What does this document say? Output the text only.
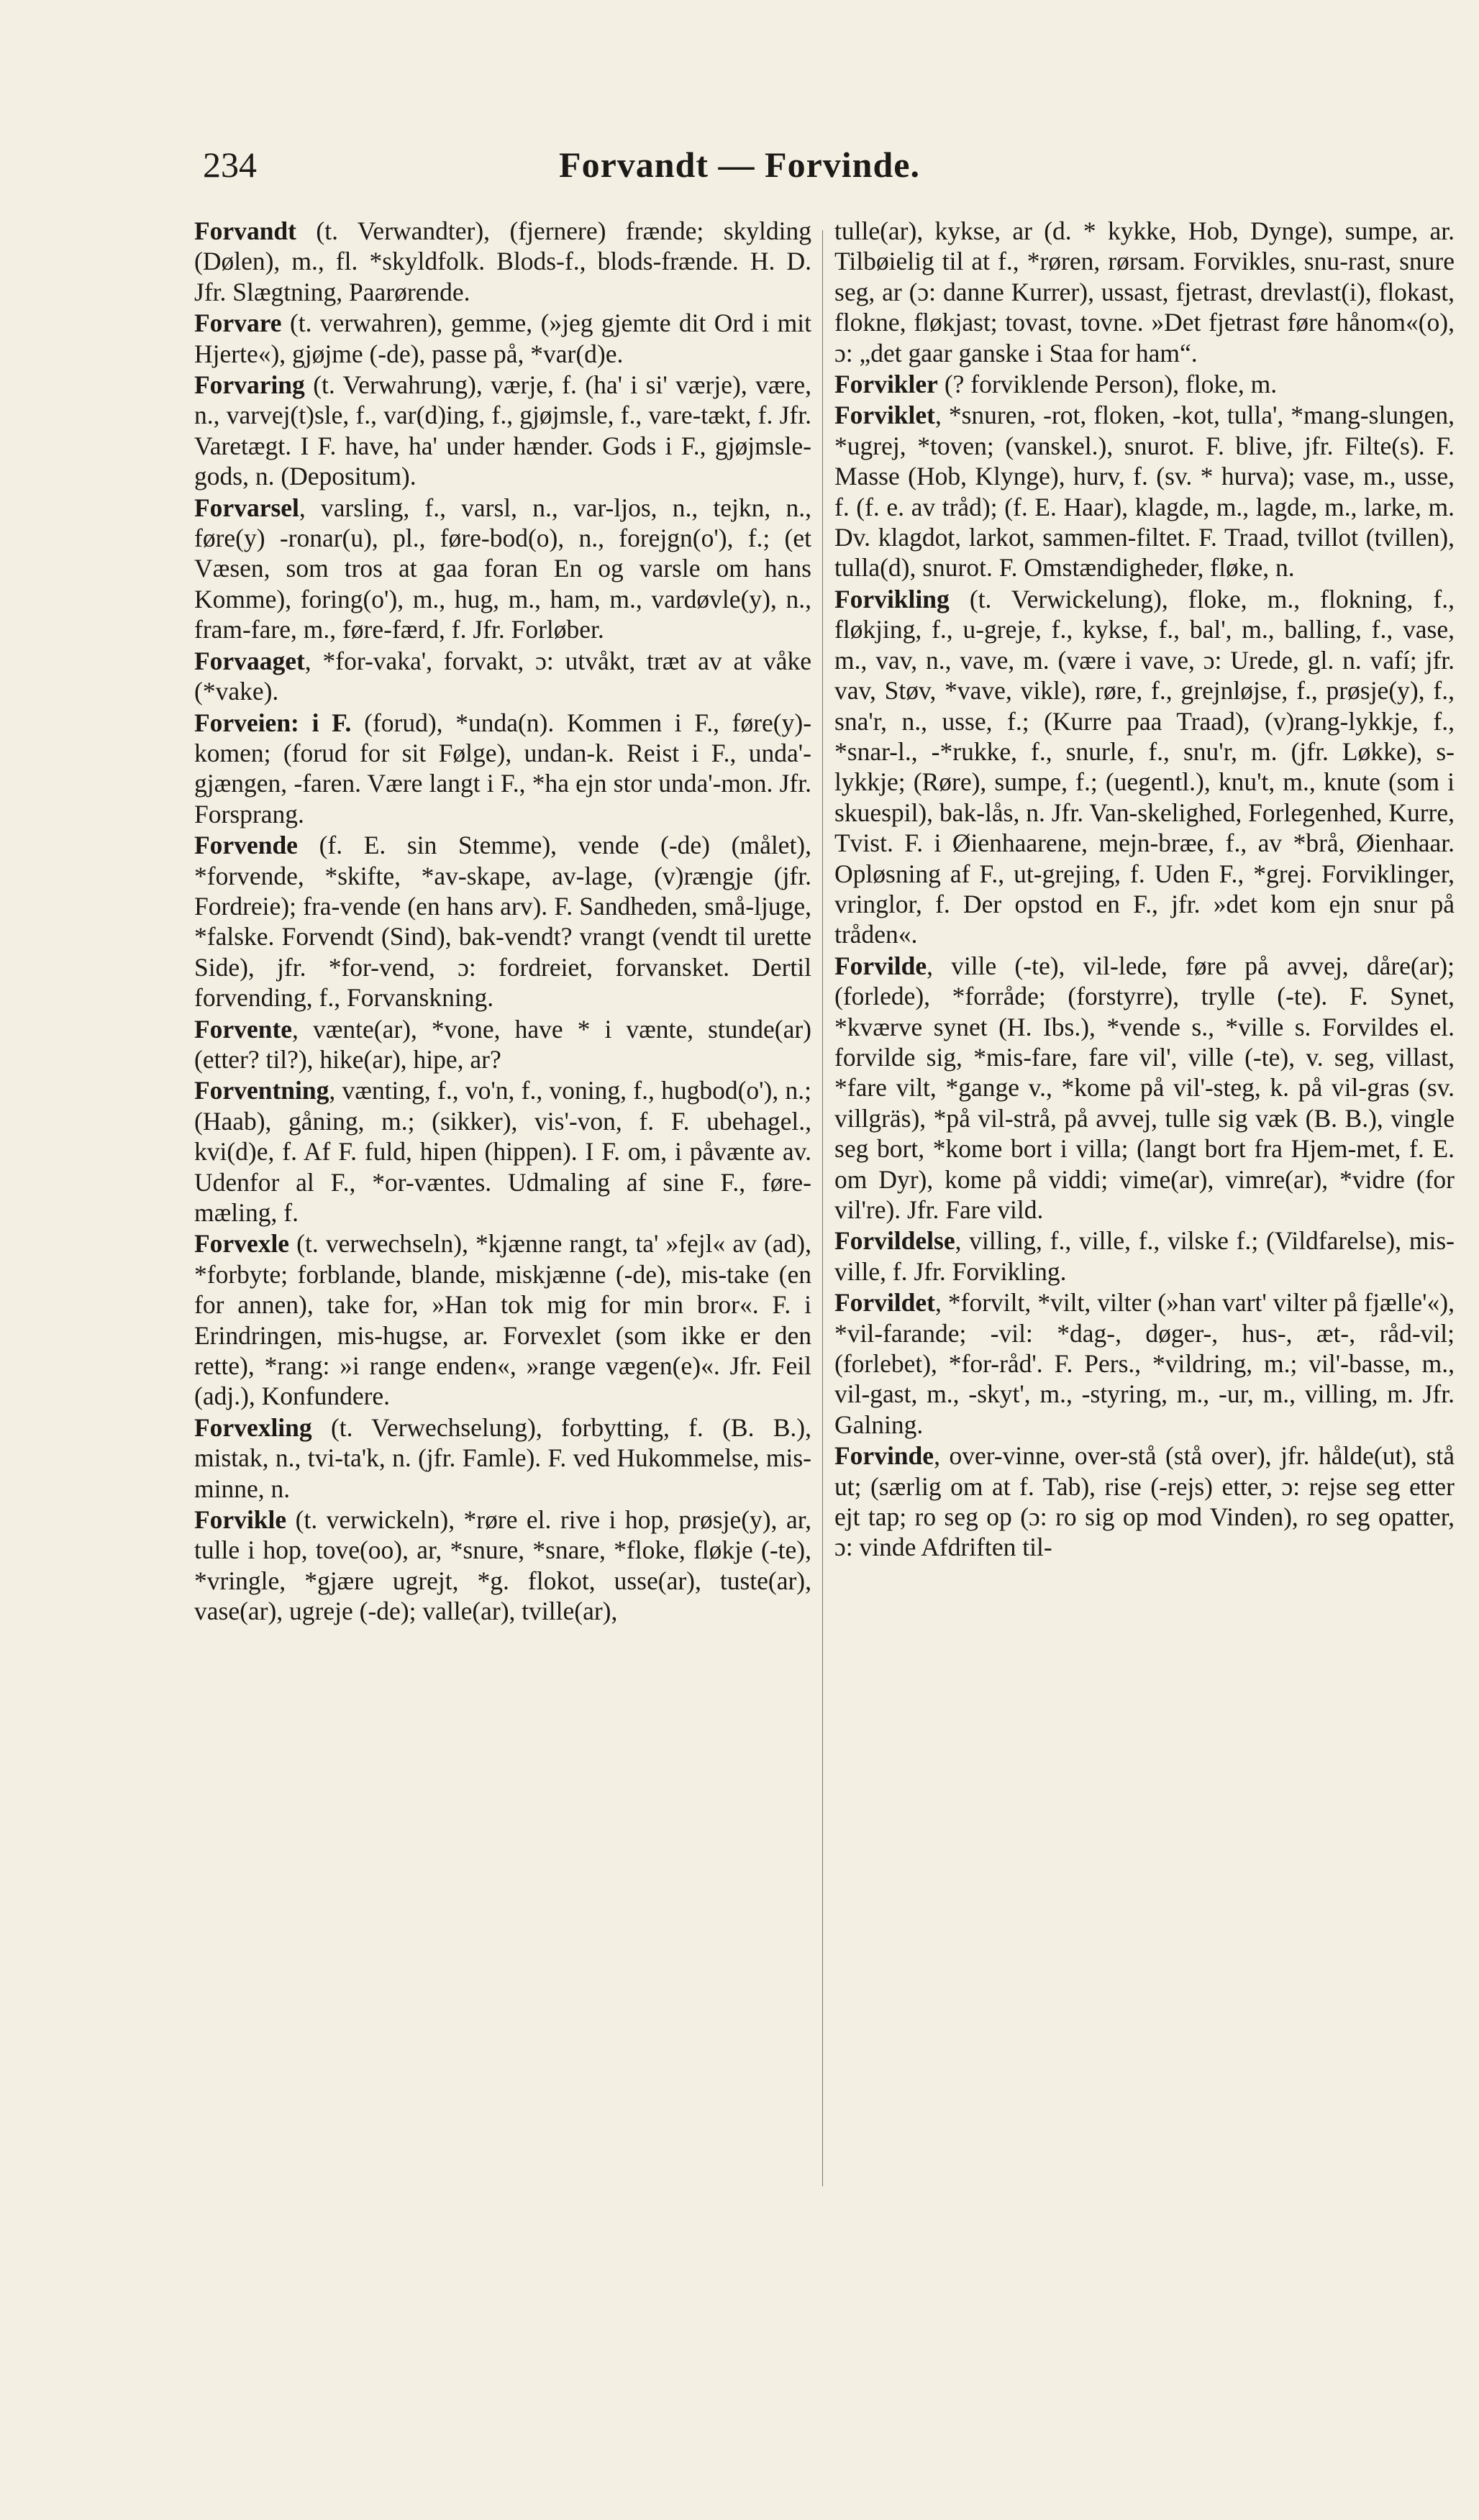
234	Forvandt — Forvinde.
Forvandt (t. Verwandter), (fjernere) frænde; skylding (Dølen), m., fl. *skyldfolk. Blods-f., blods-frænde. H. D. Jfr. Slægtning, Paarørende.
Forvare (t. verwahren), gemme, (»jeg gjemte dit Ord i mit Hjerte«), gjøjme (-de), passe på, *var(d)e.
Forvaring (t. Verwahrung), værje, f. (ha' i si' værje), være, n., varvej(t)sle, f., var(d)ing, f., gjøjmsle, f., vare-tækt, f. Jfr. Varetægt. I F. have, ha' under hænder. Gods i F., gjøjmsle-gods, n. (Depositum).
Forvarsel, varsling, f., varsl, n., var-ljos, n., tejkn, n., føre(y) -ronar(u), pl., føre-bod(o), n., forejgn(o'), f.; (et Væsen, som tros at gaa foran En og varsle om hans Komme), foring(o'), m., hug, m., ham, m., vardøvle(y), n., fram-fare, m., føre-færd, f. Jfr. Forløber.
Forvaaget, *for-vaka', forvakt, ɔ: utvåkt, træt av at våke (*vake).
Forveien: i F. (forud), *unda(n). Kommen i F., føre(y)-komen; (forud for sit Følge), undan-k. Reist i F., unda'-gjængen, -faren. Være langt i F., *ha ejn stor unda'-mon. Jfr. Forsprang.
Forvende (f. E. sin Stemme), vende (-de) (målet), *forvende, *skifte, *av-skape, av-lage, (v)rængje (jfr. Fordreie); fra-vende (en hans arv). F. Sandheden, små-ljuge, *falske. Forvendt (Sind), bak-vendt? vrangt (vendt til urette Side), jfr. *for-vend, ɔ: fordreiet, forvansket. Dertil forvending, f., Forvanskning.
Forvente, vænte(ar), *vone, have * i vænte, stunde(ar) (etter? til?), hike(ar), hipe, ar?
Forventning, vænting, f., vo'n, f., voning, f., hugbod(o'), n.; (Haab), gåning, m.; (sikker), vis'-von, f. F. ubehagel., kvi(d)e, f. Af F. fuld, hipen (hippen). I F. om, i påvænte av. Udenfor al F., *or-væntes. Udmaling af sine F., føre-mæling, f.
Forvexle (t. verwechseln), *kjænne rangt, ta' »fejl« av (ad), *forbyte; forblande, blande, miskjænne (-de), mis-take (en for annen), take for, »Han tok mig for min bror«. F. i Erindringen, mis-hugse, ar. Forvexlet (som ikke er den rette), *rang: »i range enden«, »range vægen(e)«. Jfr. Feil (adj.), Konfundere.
Forvexling (t. Verwechselung), forbytting, f. (B. B.), mistak, n., tvi-ta'k, n. (jfr. Famle). F. ved Hukommelse, mis-minne, n.
Forvikle (t. verwickeln), *røre el. rive i hop, prøsje(y), ar, tulle i hop, tove(oo), ar, *snure, *snare, *floke, fløkje (-te), *vringle, *gjære ugrejt, *g. flokot, usse(ar), tuste(ar), vase(ar), ugreje (-de); valle(ar), tville(ar),
tulle(ar), kykse, ar (d. * kykke, Hob, Dynge), sumpe, ar. Tilbøielig til at f., *røren, rørsam. Forvikles, snu-rast, snure seg, ar (ɔ: danne Kurrer), ussast, fjetrast, drevlast(i), flokast, flokne, fløkjast; tovast, tovne. »Det fjetrast føre hånom«(o), ɔ: „det gaar ganske i Staa for ham“.
Forvikler (? forviklende Person), floke, m.
Forviklet, *snuren, -rot, floken, -kot, tulla', *mang-slungen, *ugrej, *toven; (vanskel.), snurot. F. blive, jfr. Filte(s). F. Masse (Hob, Klynge), hurv, f. (sv. * hurva); vase, m., usse, f. (f. e. av tråd); (f. E. Haar), klagde, m., lagde, m., larke, m. Dv. klagdot, larkot, sammen-filtet. F. Traad, tvillot (tvillen), tulla(d), snurot. F. Omstændigheder, fløke, n.
Forvikling (t. Verwickelung), floke, m., flokning, f., fløkjing, f., u-greje, f., kykse, f., bal', m., balling, f., vase, m., vav, n., vave, m. (være i vave, ɔ: Urede, gl. n. vafí; jfr. vav, Støv, *vave, vikle), røre, f., grejnløjse, f., prøsje(y), f., sna'r, n., usse, f.; (Kurre paa Traad), (v)rang-lykkje, f., *snar-l., -*rukke, f., snurle, f., snu'r, m. (jfr. Løkke), s-lykkje; (Røre), sumpe, f.; (uegentl.), knu't, m., knute (som i skuespil), bak-lås, n. Jfr. Van-skelighed, Forlegenhed, Kurre, Tvist. F. i Øienhaarene, mejn-bræe, f., av *brå, Øienhaar. Opløsning af F., ut-grejing, f. Uden F., *grej. Forviklinger, vringlor, f. Der opstod en F., jfr. »det kom ejn snur på tråden«.
Forvilde, ville (-te), vil-lede, føre på avvej, dåre(ar); (forlede), *forråde; (forstyrre), trylle (-te). F. Synet, *kværve synet (H. Ibs.), *vende s., *ville s. Forvildes el. forvilde sig, *mis-fare, fare vil', ville (-te), v. seg, villast, *fare vilt, *gange v., *kome på vil'-steg, k. på vil-gras (sv. villgräs), *på vil-strå, på avvej, tulle sig væk (B. B.), vingle seg bort, *kome bort i villa; (langt bort fra Hjem-met, f. E. om Dyr), kome på viddi; vime(ar), vimre(ar), *vidre (for vil're). Jfr. Fare vild.
Forvildelse, villing, f., ville, f., vilske f.; (Vildfarelse), mis-ville, f. Jfr. Forvikling.
Forvildet, *forvilt, *vilt, vilter (»han vart' vilter på fjælle'«), *vil-farande; -vil: *dag-, døger-, hus-, æt-, råd-vil; (forlebet), *for-råd'. F. Pers., *vildring, m.; vil'-basse, m., vil-gast, m., -skyt', m., -styring, m., -ur, m., villing, m. Jfr. Galning.
Forvinde, over-vinne, over-stå (stå over), jfr. hålde(ut), stå ut; (særlig om at f. Tab), rise (-rejs) etter, ɔ: rejse seg etter ejt tap; ro seg op (ɔ: ro sig op mod Vinden), ro seg opatter, ɔ: vinde Afdriften til-
